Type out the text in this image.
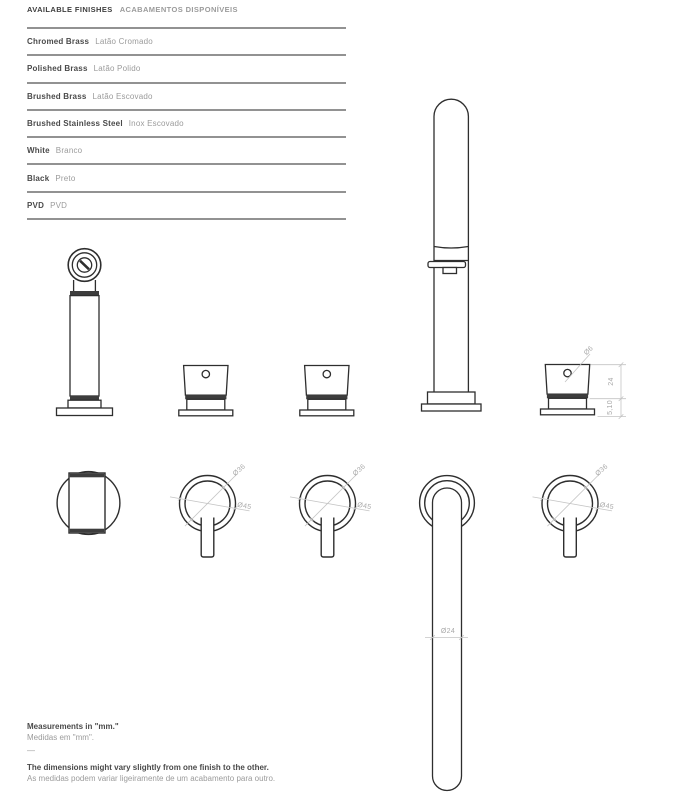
AVAILABLE FINISHES ACABAMENTOS DISPONÍVEIS
Chromed Brass Latão Cromado
Polished Brass Latão Polido
Brushed Brass Latão Escovado
Brushed Stainless Steel Inox Escovado
White Branco
Black Preto
PVD PVD
Ø6
24
5,10
Ø36
Ø45
Ø36
Ø45
Ø24
Ø36
Ø45
Measurements in "mm."
Medidas em "mm".
—
The dimensions might vary slightly from one finish to the other.
As medidas podem variar ligeiramente de um acabamento para outro.
